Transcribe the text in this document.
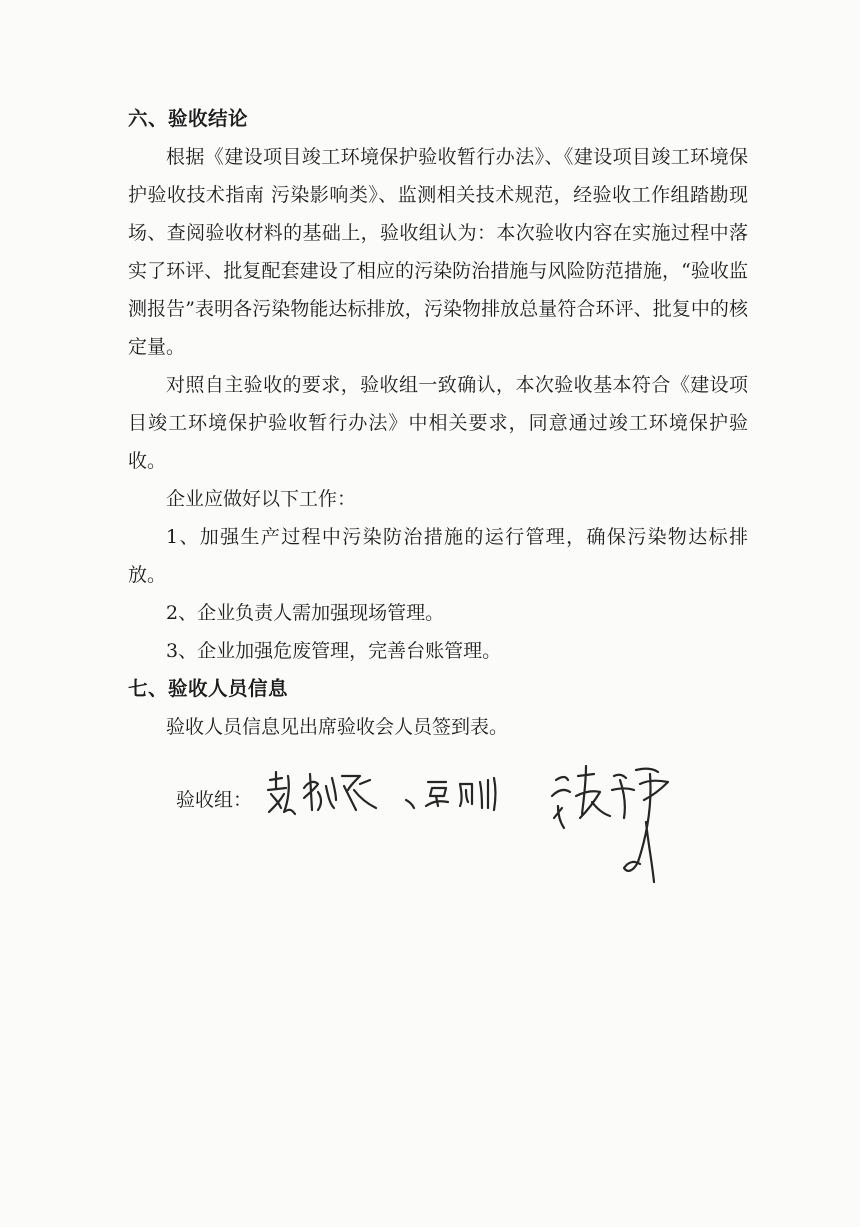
六、验收结论

根据《建设项目竣工环境保护验收暂行办法》、《建设项目竣工环境保护验收技术指南 污染影响类》、监测相关技术规范，经验收工作组踏勘现场、查阅验收材料的基础上，验收组认为：本次验收内容在实施过程中落实了环评、批复配套建设了相应的污染防治措施与风险防范措施，“验收监测报告”表明各污染物能达标排放，污染物排放总量符合环评、批复中的核定量。

对照自主验收的要求，验收组一致确认，本次验收基本符合《建设项目竣工环境保护验收暂行办法》中相关要求，同意通过竣工环境保护验收。

企业应做好以下工作：

1、加强生产过程中污染防治措施的运行管理，确保污染物达标排放。
2、企业负责人需加强现场管理。
3、企业加强危废管理，完善台账管理。
七、验收人员信息

验收人员信息见出席验收会人员签到表。

验收组：
